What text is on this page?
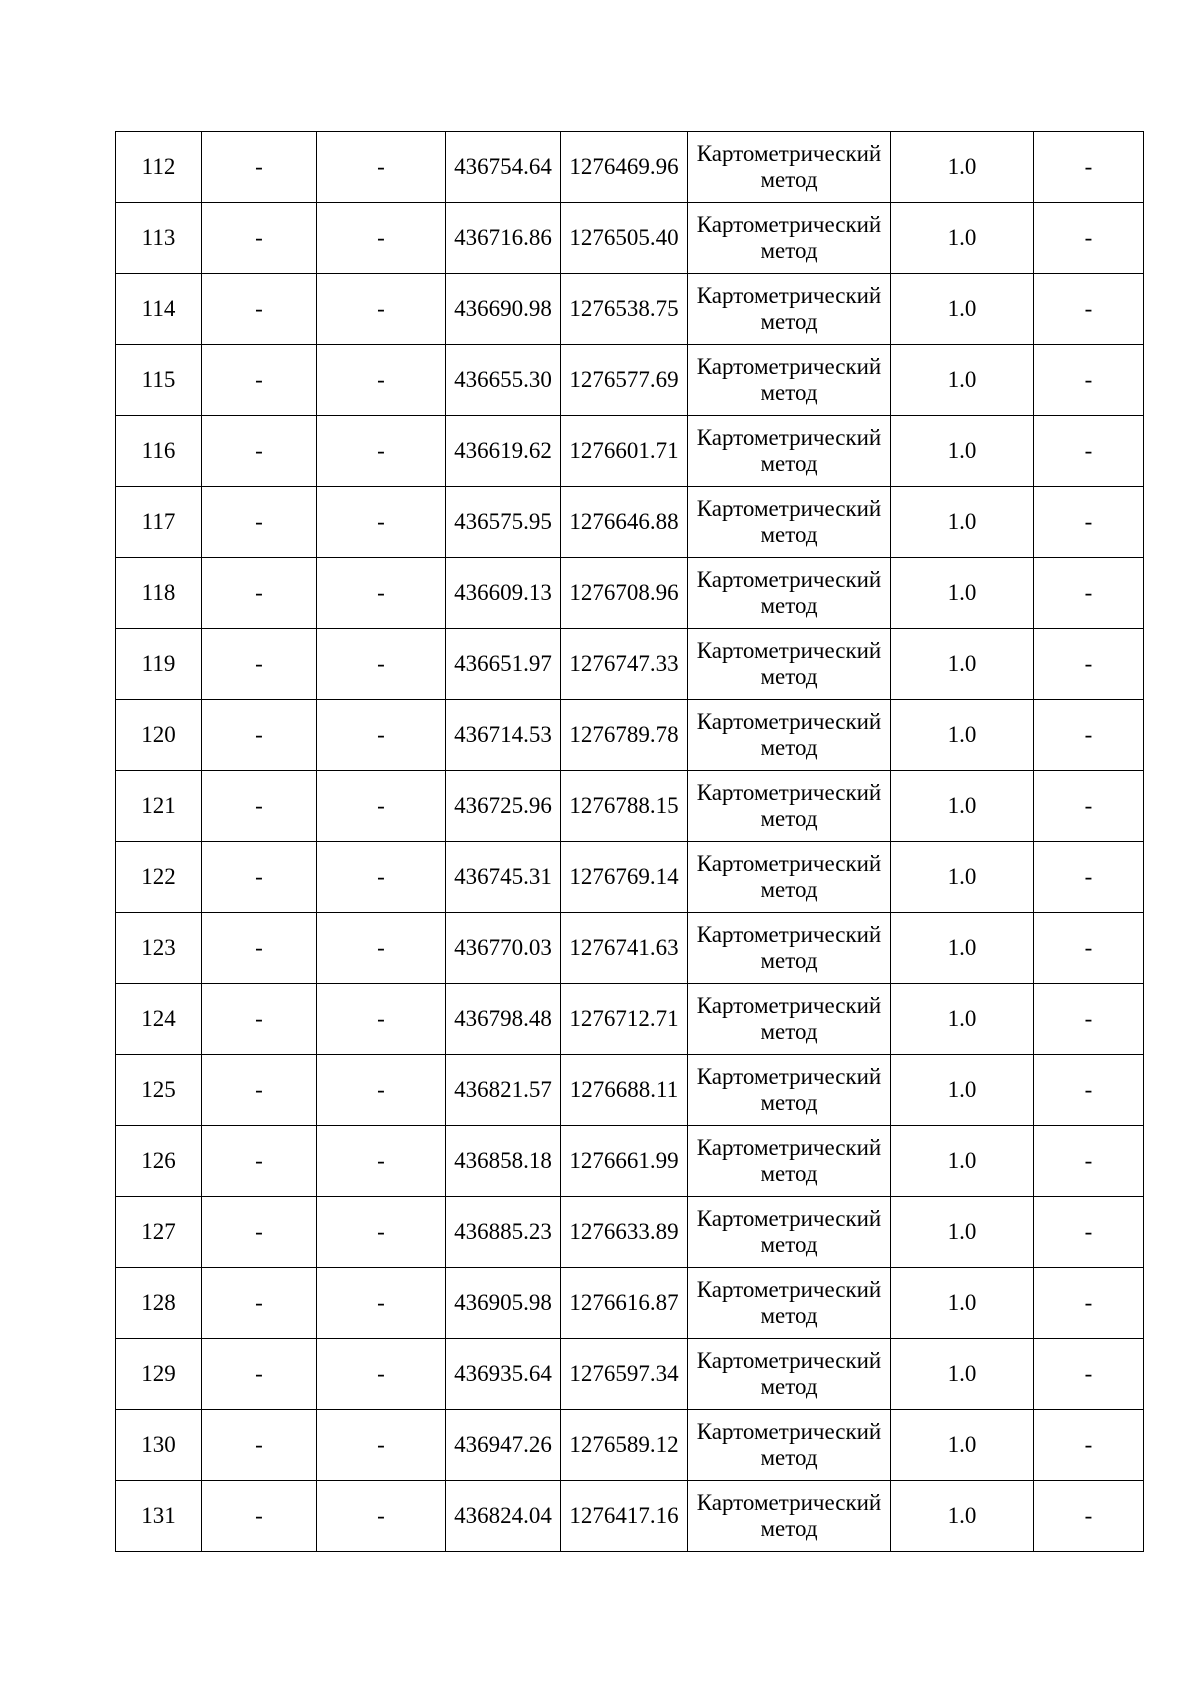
112	-	-	436754.64	1276469.96	Картометрический
метод	1.0	-
113	-	-	436716.86	1276505.40	Картометрический
метод	1.0	-
114	-	-	436690.98	1276538.75	Картометрический
метод	1.0	-
115	-	-	436655.30	1276577.69	Картометрический
метод	1.0	-
116	-	-	436619.62	1276601.71	Картометрический
метод	1.0	-
117	-	-	436575.95	1276646.88	Картометрический
метод	1.0	-
118	-	-	436609.13	1276708.96	Картометрический
метод	1.0	-
119	-	-	436651.97	1276747.33	Картометрический
метод	1.0	-
120	-	-	436714.53	1276789.78	Картометрический
метод	1.0	-
121	-	-	436725.96	1276788.15	Картометрический
метод	1.0	-
122	-	-	436745.31	1276769.14	Картометрический
метод	1.0	-
123	-	-	436770.03	1276741.63	Картометрический
метод	1.0	-
124	-	-	436798.48	1276712.71	Картометрический
метод	1.0	-
125	-	-	436821.57	1276688.11	Картометрический
метод	1.0	-
126	-	-	436858.18	1276661.99	Картометрический
метод	1.0	-
127	-	-	436885.23	1276633.89	Картометрический
метод	1.0	-
128	-	-	436905.98	1276616.87	Картометрический
метод	1.0	-
129	-	-	436935.64	1276597.34	Картометрический
метод	1.0	-
130	-	-	436947.26	1276589.12	Картометрический
метод	1.0	-
131	-	-	436824.04	1276417.16	Картометрический
метод	1.0	-
